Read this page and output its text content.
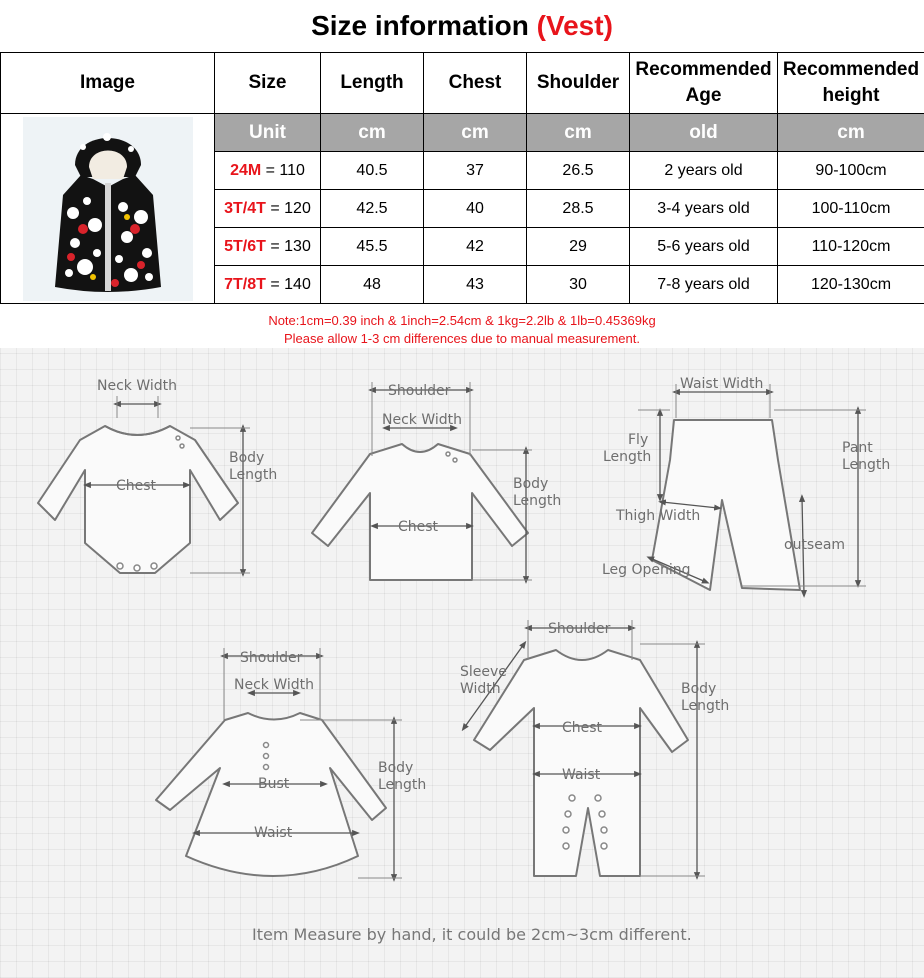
Size information (Vest)
Image	Size	Length	Chest	Shoulder	Recommended Age	Recommended height

	Unit	cm	cm	cm	old	cm
	24M = 110	40.5	37	26.5	2 years old	90-100cm
	3T/4T = 120	42.5	40	28.5	3-4 years old	100-110cm
	5T/6T = 130	45.5	42	29	5-6 years old	110-120cm
	7T/8T = 140	48	43	30	7-8 years old	120-130cm
Note:1cm=0.39 inch & 1inch=2.54cm & 1kg=2.2lb & 1lb=0.45369kg
Please allow 1-3 cm differences due to manual measurement.
Neck Width
Chest
Body
Length
Shoulder
Neck Width
Chest
Body
Length
Waist Width
Fly
Length
Pant
Length
Thigh Width
outseam
Leg Opening
Shoulder
Neck Width
Bust
Waist
Body
Length
Shoulder
Sleeve
Width
Chest
Waist
Body
Length
Item Measure by hand, it could be 2cm~3cm different.
